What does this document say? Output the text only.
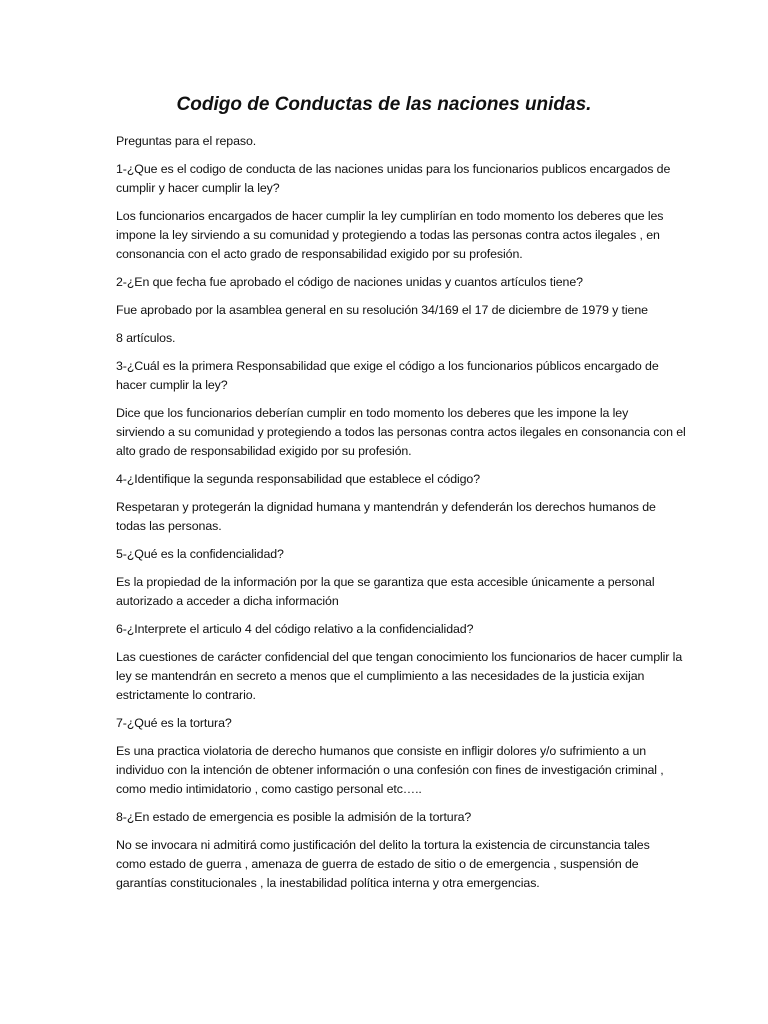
Codigo de Conductas de las naciones unidas.

Preguntas para el repaso.

1-¿Que es el codigo de conducta de las naciones unidas para los funcionarios publicos encargados de
cumplir y hacer cumplir la ley?

Los funcionarios encargados de hacer cumplir la ley cumplirían en todo momento los deberes que les
impone la ley sirviendo a su comunidad y protegiendo a todas las personas contra actos ilegales , en
consonancia con el acto grado de responsabilidad exigido por su profesión.

2-¿En que fecha fue aprobado el código de naciones unidas y cuantos artículos tiene?

Fue aprobado por la asamblea general en su resolución 34/169 el 17 de diciembre de 1979 y tiene

8 artículos.

3-¿Cuál es la primera Responsabilidad que exige el código a los funcionarios públicos encargado de
hacer cumplir la ley?

Dice que los funcionarios deberían cumplir en todo momento los deberes que les impone la ley
sirviendo a su comunidad y protegiendo a todos las personas contra actos ilegales en consonancia con el
alto grado de responsabilidad exigido por su profesión.

4-¿Identifique la segunda responsabilidad que establece el código?

Respetaran y protegerán la dignidad humana y mantendrán y defenderán los derechos humanos de
todas las personas.

5-¿Qué es la confidencialidad?

Es la propiedad de la información por la que se garantiza que esta accesible únicamente a personal
autorizado a acceder a dicha información

6-¿Interprete el articulo 4 del código relativo a la confidencialidad?

Las cuestiones de carácter confidencial del que tengan conocimiento los funcionarios de hacer cumplir la
ley se mantendrán en secreto a menos que el cumplimiento a las necesidades de la justicia exijan
estrictamente lo contrario.

7-¿Qué es la tortura?

Es una practica violatoria de derecho humanos que consiste en infligir dolores y/o sufrimiento a un
individuo con la intención de obtener información o una confesión con fines de investigación criminal ,
como medio intimidatorio , como castigo personal etc…..

8-¿En estado de emergencia es posible la admisión de la tortura?

No se invocara ni admitirá como justificación del delito la tortura la existencia de circunstancia tales
como estado de guerra , amenaza de guerra de estado de sitio o de emergencia , suspensión de
garantías constitucionales , la inestabilidad política interna y otra emergencias.
